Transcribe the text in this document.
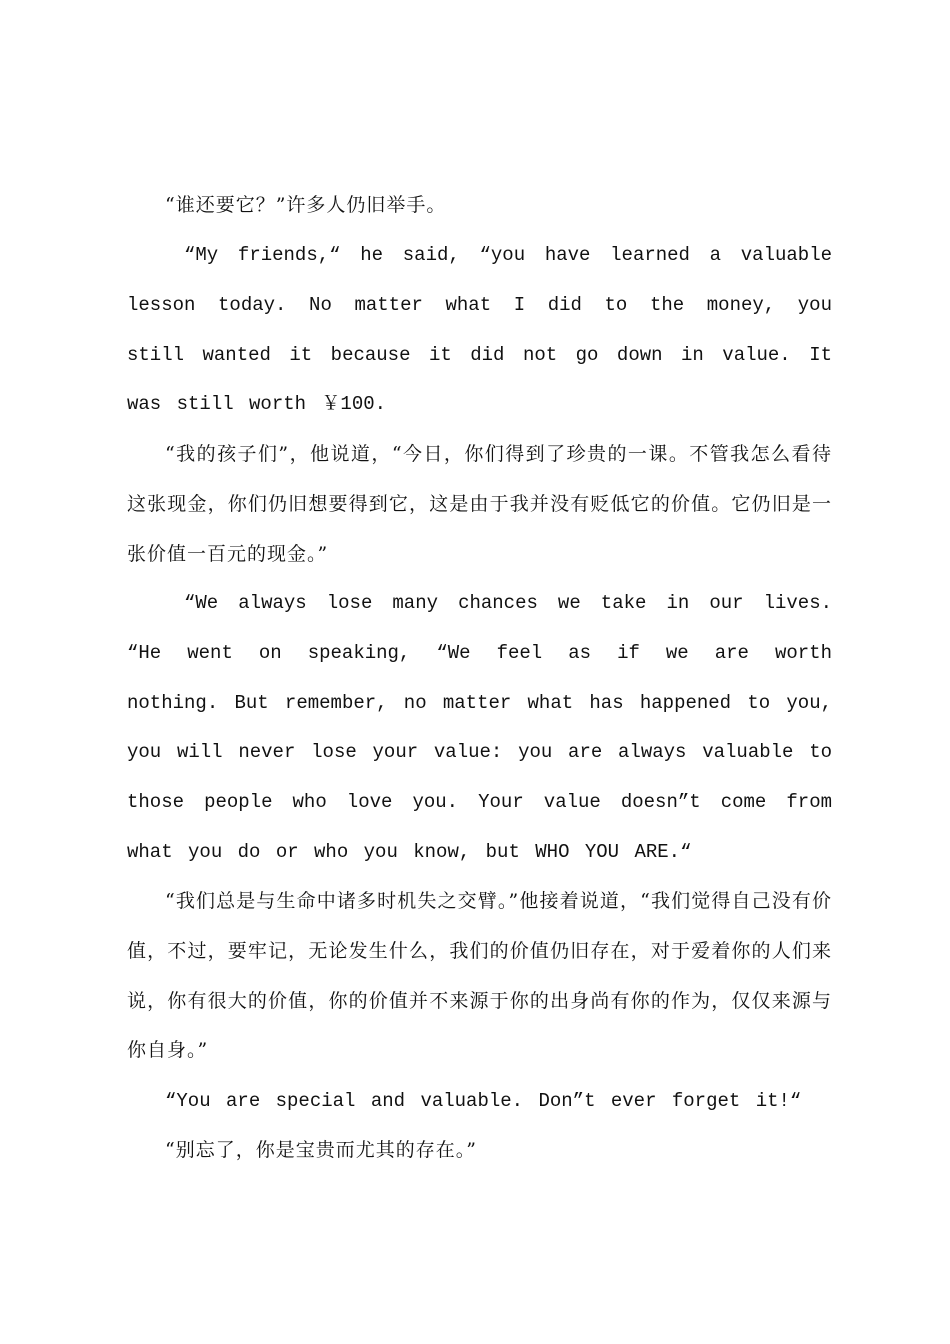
“谁还要它？”许多人仍旧举手。

“My friends,“ he said, “you have learned a valuable lesson today. No matter what I did to the money, you still wanted it because it did not go down in value. It was still worth ￥100.

“我的孩子们”，他说道，“今日，你们得到了珍贵的一课。不管我怎么看待这张现金，你们仍旧想要得到它，这是由于我并没有贬低它的价值。它仍旧是一张价值一百元的现金。”

“We always lose many chances we take in our lives. “He went on speaking, “We feel as if we are worth nothing. But remember, no matter what has happened to you, you will never lose your value: you are always valuable to those people who love you. Your value doesn”t come from what you do or who you know, but WHO YOU ARE.“

“我们总是与生命中诸多时机失之交臂。”他接着说道，“我们觉得自己没有价值，不过，要牢记，无论发生什么，我们的价值仍旧存在，对于爱着你的人们来说，你有很大的价值，你的价值并不来源于你的出身尚有你的作为，仅仅来源与你自身。”

“You are special and valuable. Don”t ever forget it!“

“别忘了，你是宝贵而尤其的存在。”
